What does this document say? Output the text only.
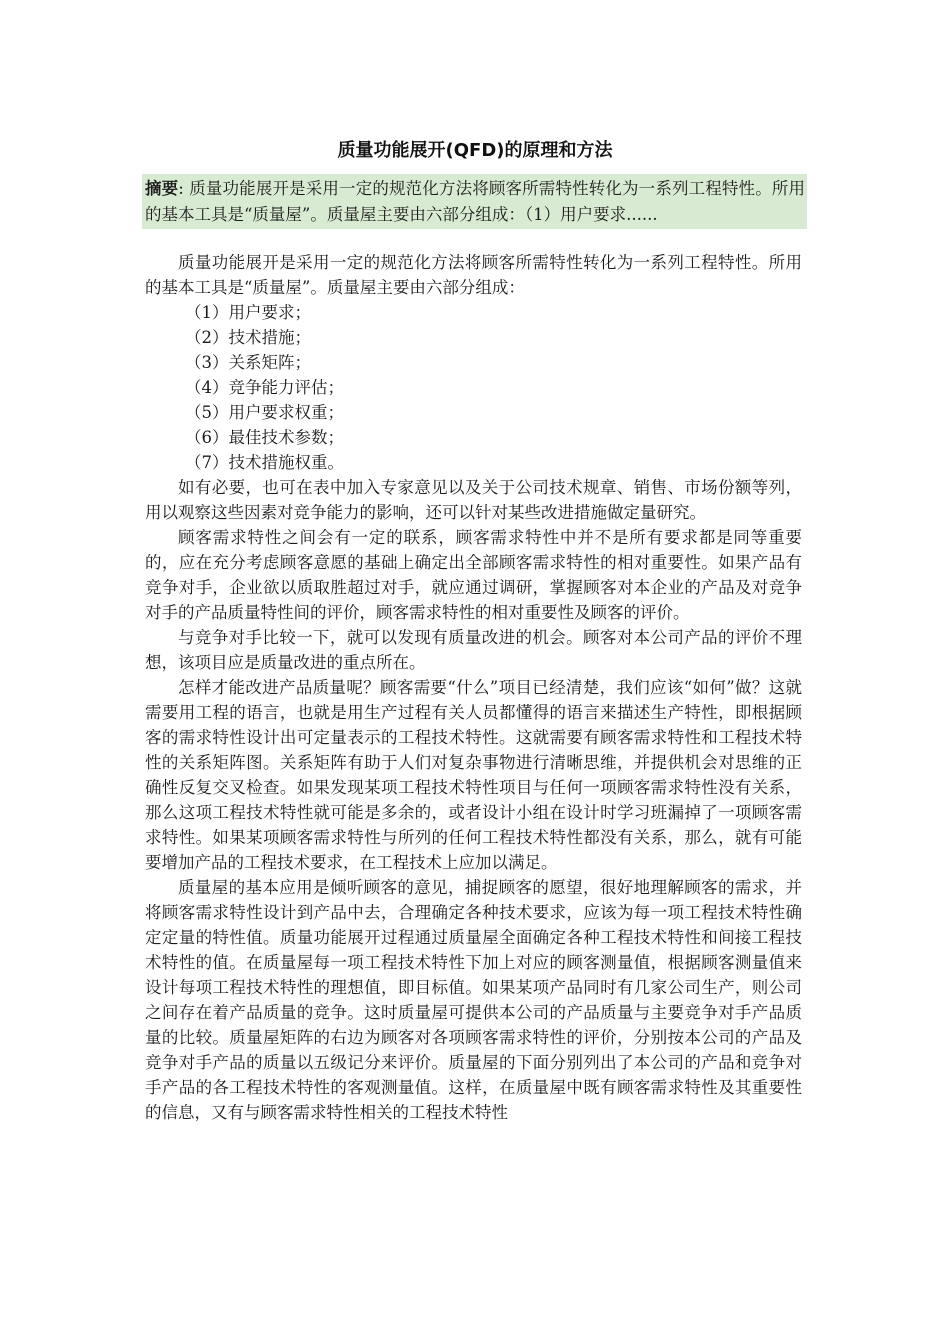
质量功能展开(QFD)的原理和方法
摘要: 质量功能展开是采用一定的规范化方法将顾客所需特性转化为一系列工程特性。所用的基本工具是“质量屋”。质量屋主要由六部分组成：（1）用户要求......

质量功能展开是采用一定的规范化方法将顾客所需特性转化为一系列工程特性。所用的基本工具是“质量屋”。质量屋主要由六部分组成：

（1）用户要求；

（2）技术措施；

（3）关系矩阵；

（4）竞争能力评估；

（5）用户要求权重；

（6）最佳技术参数；

（7）技术措施权重。

如有必要，也可在表中加入专家意见以及关于公司技术规章、销售、市场份额等列，用以观察这些因素对竞争能力的影响，还可以针对某些改进措施做定量研究。

顾客需求特性之间会有一定的联系，顾客需求特性中并不是所有要求都是同等重要的，应在充分考虑顾客意愿的基础上确定出全部顾客需求特性的相对重要性。如果产品有竞争对手，企业欲以质取胜超过对手，就应通过调研，掌握顾客对本企业的产品及对竞争对手的产品质量特性间的评价，顾客需求特性的相对重要性及顾客的评价。

与竞争对手比较一下，就可以发现有质量改进的机会。顾客对本公司产品的评价不理想，该项目应是质量改进的重点所在。

怎样才能改进产品质量呢？顾客需要“什么”项目已经清楚，我们应该“如何”做？这就需要用工程的语言，也就是用生产过程有关人员都懂得的语言来描述生产特性，即根据顾客的需求特性设计出可定量表示的工程技术特性。这就需要有顾客需求特性和工程技术特性的关系矩阵图。关系矩阵有助于人们对复杂事物进行清晰思维，并提供机会对思维的正确性反复交叉检查。如果发现某项工程技术特性项目与任何一项顾客需求特性没有关系，那么这项工程技术特性就可能是多余的，或者设计小组在设计时学习班漏掉了一项顾客需求特性。如果某项顾客需求特性与所列的任何工程技术特性都没有关系，那么，就有可能要增加产品的工程技术要求，在工程技术上应加以满足。

质量屋的基本应用是倾听顾客的意见，捕捉顾客的愿望，很好地理解顾客的需求，并将顾客需求特性设计到产品中去，合理确定各种技术要求，应该为每一项工程技术特性确定定量的特性值。质量功能展开过程通过质量屋全面确定各种工程技术特性和间接工程技术特性的值。在质量屋每一项工程技术特性下加上对应的顾客测量值，根据顾客测量值来设计每项工程技术特性的理想值，即目标值。如果某项产品同时有几家公司生产，则公司之间存在着产品质量的竞争。这时质量屋可提供本公司的产品质量与主要竞争对手产品质量的比较。质量屋矩阵的右边为顾客对各项顾客需求特性的评价，分别按本公司的产品及竞争对手产品的质量以五级记分来评价。质量屋的下面分别列出了本公司的产品和竞争对手产品的各工程技术特性的客观测量值。这样，在质量屋中既有顾客需求特性及其重要性的信息，又有与顾客需求特性相关的工程技术特性
